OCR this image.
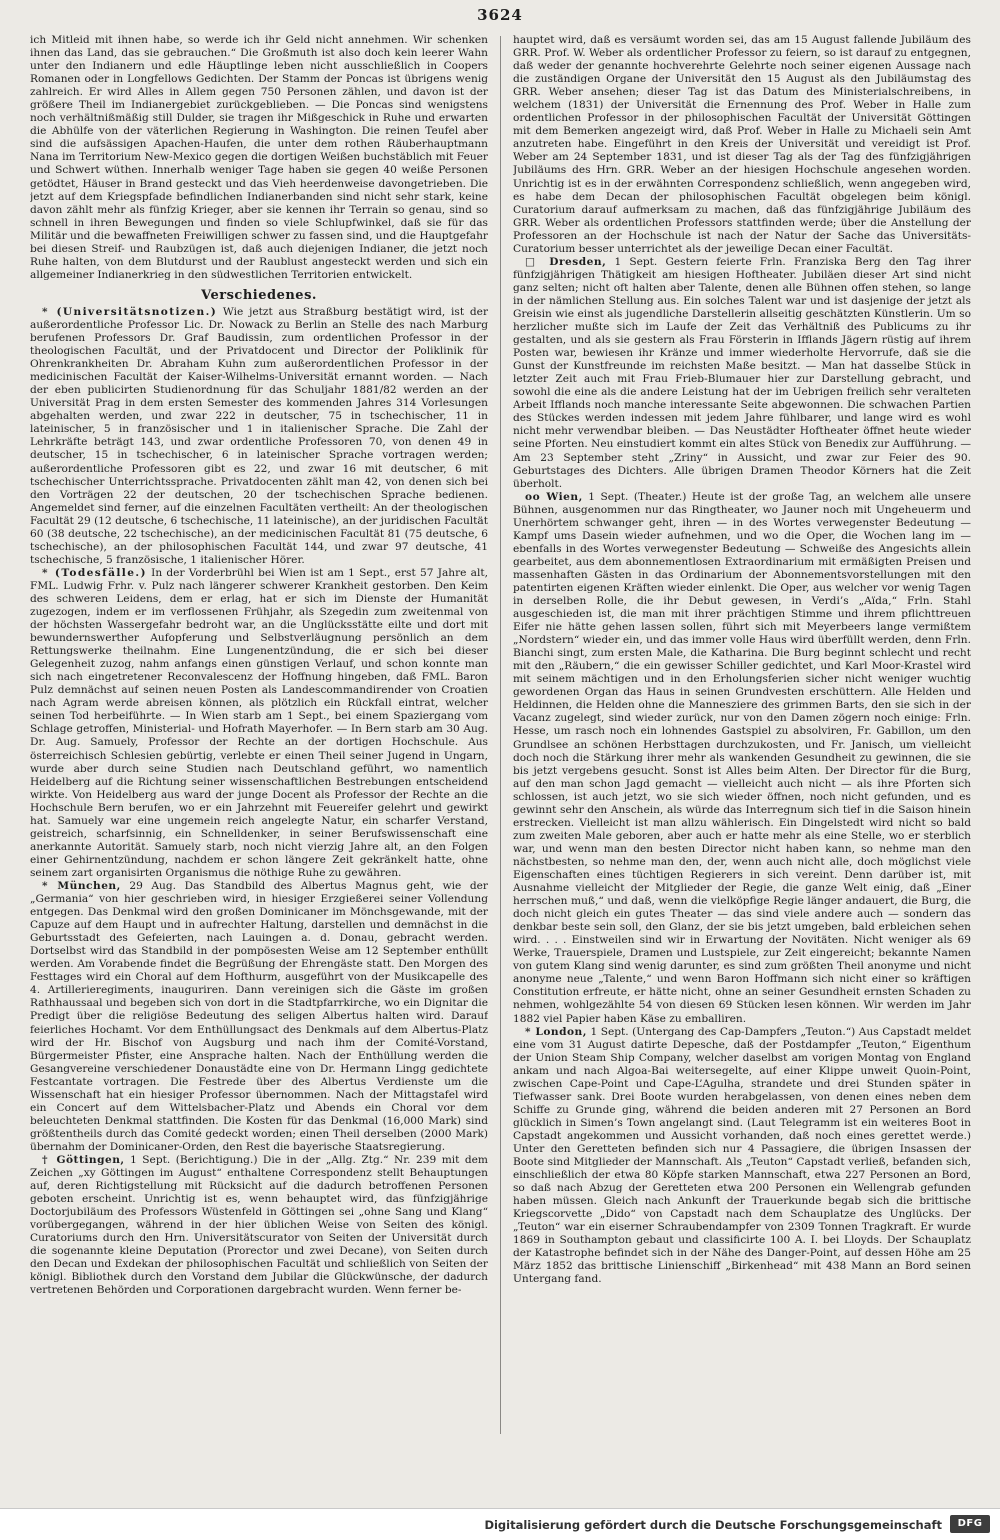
3624

ich Mitleid mit ihnen habe, so werde ich ihr Geld nicht annehmen. Wir schenken ihnen das Land, das sie gebrauchen.“ Die Großmuth ist also doch kein leerer Wahn unter den Indianern und edle Häuptlinge leben nicht ausschließlich in Coopers Romanen oder in Longfellows Gedichten. Der Stamm der Poncas ist übrigens wenig zahlreich. Er wird Alles in Allem gegen 750 Personen zählen, und davon ist der größere Theil im Indianergebiet zurückgeblieben. — Die Poncas sind wenigstens noch verhältnißmäßig still Dulder, sie tragen ihr Mißgeschick in Ruhe und erwarten die Abhülfe von der väterlichen Regierung in Washington. Die reinen Teufel aber sind die aufsässigen Apachen-Haufen, die unter dem rothen Räuberhauptmann Nana im Territorium New-Mexico gegen die dortigen Weißen buchstäblich mit Feuer und Schwert wüthen. Innerhalb weniger Tage haben sie gegen 40 weiße Personen getödtet, Häuser in Brand gesteckt und das Vieh heerdenweise davongetrieben. Die jetzt auf dem Kriegspfade befindlichen Indianerbanden sind nicht sehr stark, keine davon zählt mehr als fünfzig Krieger, aber sie kennen ihr Terrain so genau, sind so schnell in ihren Bewegungen und finden so viele Schlupfwinkel, daß sie für das Militär und die bewaffneten Freiwilligen schwer zu fassen sind, und die Hauptgefahr bei diesen Streif- und Raubzügen ist, daß auch diejenigen Indianer, die jetzt noch Ruhe halten, von dem Blutdurst und der Raublust angesteckt werden und sich ein allgemeiner Indianerkrieg in den südwestlichen Territorien entwickelt.

Verschiedenes.

* (Universitätsnotizen.) Wie jetzt aus Straßburg bestätigt wird, ist der außerordentliche Professor Lic. Dr. Nowack zu Berlin an Stelle des nach Marburg berufenen Professors Dr. Graf Baudissin, zum ordentlichen Professor in der theologischen Facultät, und der Privatdocent und Director der Poliklinik für Ohrenkrankheiten Dr. Abraham Kuhn zum außerordentlichen Professor in der medicinischen Facultät der Kaiser-Wilhelms-Universität ernannt worden. — Nach der eben publicirten Studienordnung für das Schuljahr 1881/82 werden an der Universität Prag in dem ersten Semester des kommenden Jahres 314 Vorlesungen abgehalten werden, und zwar 222 in deutscher, 75 in tschechischer, 11 in lateinischer, 5 in französischer und 1 in italienischer Sprache. Die Zahl der Lehrkräfte beträgt 143, und zwar ordentliche Professoren 70, von denen 49 in deutscher, 15 in tschechischer, 6 in lateinischer Sprache vortragen werden; außerordentliche Professoren gibt es 22, und zwar 16 mit deutscher, 6 mit tschechischer Unterrichtssprache. Privatdocenten zählt man 42, von denen sich bei den Vorträgen 22 der deutschen, 20 der tschechischen Sprache bedienen. Angemeldet sind ferner, auf die einzelnen Facultäten vertheilt: An der theologischen Facultät 29 (12 deutsche, 6 tschechische, 11 lateinische), an der juridischen Facultät 60 (38 deutsche, 22 tschechische), an der medicinischen Facultät 81 (75 deutsche, 6 tschechische), an der philosophischen Facultät 144, und zwar 97 deutsche, 41 tschechische, 5 französische, 1 italienischer Hörer.

* (Todesfälle.) In der Vorderbrühl bei Wien ist am 1 Sept., erst 57 Jahre alt, FML. Ludwig Frhr. v. Pulz nach längerer schwerer Krankheit gestorben. Den Keim des schweren Leidens, dem er erlag, hat er sich im Dienste der Humanität zugezogen, indem er im verflossenen Frühjahr, als Szegedin zum zweitenmal von der höchsten Wassergefahr bedroht war, an die Unglücksstätte eilte und dort mit bewundernswerther Aufopferung und Selbstverläugnung persönlich an dem Rettungswerke theilnahm. Eine Lungenentzündung, die er sich bei dieser Gelegenheit zuzog, nahm anfangs einen günstigen Verlauf, und schon konnte man sich nach eingetretener Reconvalescenz der Hoffnung hingeben, daß FML. Baron Pulz demnächst auf seinen neuen Posten als Landescommandirender von Croatien nach Agram werde abreisen können, als plötzlich ein Rückfall eintrat, welcher seinen Tod herbeiführte. — In Wien starb am 1 Sept., bei einem Spaziergang vom Schlage getroffen, Ministerial- und Hofrath Mayerhofer. — In Bern starb am 30 Aug. Dr. Aug. Samuely, Professor der Rechte an der dortigen Hochschule. Aus österreichisch Schlesien gebürtig, verlebte er einen Theil seiner Jugend in Ungarn, wurde aber durch seine Studien nach Deutschland geführt, wo namentlich Heidelberg auf die Richtung seiner wissenschaftlichen Bestrebungen entscheidend wirkte. Von Heidelberg aus ward der junge Docent als Professor der Rechte an die Hochschule Bern berufen, wo er ein Jahrzehnt mit Feuereifer gelehrt und gewirkt hat. Samuely war eine ungemein reich angelegte Natur, ein scharfer Verstand, geistreich, scharfsinnig, ein Schnelldenker, in seiner Berufswissenschaft eine anerkannte Autorität. Samuely starb, noch nicht vierzig Jahre alt, an den Folgen einer Gehirnentzündung, nachdem er schon längere Zeit gekränkelt hatte, ohne seinem zart organisirten Organismus die nöthige Ruhe zu gewähren.

* München, 29 Aug. Das Standbild des Albertus Magnus geht, wie der „Germania“ von hier geschrieben wird, in hiesiger Erzgießerei seiner Vollendung entgegen. Das Denkmal wird den großen Dominicaner im Mönchsgewande, mit der Capuze auf dem Haupt und in aufrechter Haltung, darstellen und demnächst in die Geburtsstadt des Gefeierten, nach Lauingen a. d. Donau, gebracht werden. Dortselbst wird das Standbild in der pompösesten Weise am 12 September enthüllt werden. Am Vorabende findet die Begrüßung der Ehrengäste statt. Den Morgen des Festtages wird ein Choral auf dem Hofthurm, ausgeführt von der Musikcapelle des 4. Artillerieregiments, inauguriren. Dann vereinigen sich die Gäste im großen Rathhaussaal und begeben sich von dort in die Stadtpfarrkirche, wo ein Dignitar die Predigt über die religiöse Bedeutung des seligen Albertus halten wird. Darauf feierliches Hochamt. Vor dem Enthüllungsact des Denkmals auf dem Albertus-Platz wird der Hr. Bischof von Augsburg und nach ihm der Comité-Vorstand, Bürgermeister Pfister, eine Ansprache halten. Nach der Enthüllung werden die Gesangvereine verschiedener Donaustädte eine von Dr. Hermann Lingg gedichtete Festcantate vortragen. Die Festrede über des Albertus Verdienste um die Wissenschaft hat ein hiesiger Professor übernommen. Nach der Mittagstafel wird ein Concert auf dem Wittelsbacher-Platz und Abends ein Choral vor dem beleuchteten Denkmal stattfinden. Die Kosten für das Denkmal (16,000 Mark) sind größtentheils durch das Comité gedeckt worden; einen Theil derselben (2000 Mark) übernahm der Dominicaner-Orden, den Rest die bayerische Staatsregierung.

† Göttingen, 1 Sept. (Berichtigung.) Die in der „Allg. Ztg.“ Nr. 239 mit dem Zeichen „xy Göttingen im August“ enthaltene Correspondenz stellt Behauptungen auf, deren Richtigstellung mit Rücksicht auf die dadurch betroffenen Personen geboten erscheint. Unrichtig ist es, wenn behauptet wird, das fünfzigjährige Doctorjubiläum des Professors Wüstenfeld in Göttingen sei „ohne Sang und Klang“ vorübergegangen, während in der hier üblichen Weise von Seiten des königl. Curatoriums durch den Hrn. Universitätscurator von Seiten der Universität durch die sogenannte kleine Deputation (Prorector und zwei Decane), von Seiten durch den Decan und Exdekan der philosophischen Facultät und schließlich von Seiten der königl. Bibliothek durch den Vorstand dem Jubilar die Glückwünsche, der dadurch vertretenen Behörden und Corporationen dargebracht wurden. Wenn ferner be-

hauptet wird, daß es versäumt worden sei, das am 15 August fallende Jubiläum des GRR. Prof. W. Weber als ordentlicher Professor zu feiern, so ist darauf zu entgegnen, daß weder der genannte hochverehrte Gelehrte noch seiner eigenen Aussage nach die zuständigen Organe der Universität den 15 August als den Jubiläumstag des GRR. Weber ansehen; dieser Tag ist das Datum des Ministerialschreibens, in welchem (1831) der Universität die Ernennung des Prof. Weber in Halle zum ordentlichen Professor in der philosophischen Facultät der Universität Göttingen mit dem Bemerken angezeigt wird, daß Prof. Weber in Halle zu Michaeli sein Amt anzutreten habe. Eingeführt in den Kreis der Universität und vereidigt ist Prof. Weber am 24 September 1831, und ist dieser Tag als der Tag des fünfzigjährigen Jubiläums des Hrn. GRR. Weber an der hiesigen Hochschule angesehen worden. Unrichtig ist es in der erwähnten Correspondenz schließlich, wenn angegeben wird, es habe dem Decan der philosophischen Facultät obgelegen beim königl. Curatorium darauf aufmerksam zu machen, daß das fünfzigjährige Jubiläum des GRR. Weber als ordentlichen Professors stattfinden werde; über die Anstellung der Professoren an der Hochschule ist nach der Natur der Sache das Universitäts-Curatorium besser unterrichtet als der jeweilige Decan einer Facultät.

□ Dresden, 1 Sept. Gestern feierte Frln. Franziska Berg den Tag ihrer fünfzigjährigen Thätigkeit am hiesigen Hoftheater. Jubiläen dieser Art sind nicht ganz selten; nicht oft halten aber Talente, denen alle Bühnen offen stehen, so lange in der nämlichen Stellung aus. Ein solches Talent war und ist dasjenige der jetzt als Greisin wie einst als jugendliche Darstellerin allseitig geschätzten Künstlerin. Um so herzlicher mußte sich im Laufe der Zeit das Verhältniß des Publicums zu ihr gestalten, und als sie gestern als Frau Försterin in Ifflands Jägern rüstig auf ihrem Posten war, bewiesen ihr Kränze und immer wiederholte Hervorrufe, daß sie die Gunst der Kunstfreunde im reichsten Maße besitzt. — Man hat dasselbe Stück in letzter Zeit auch mit Frau Frieb-Blumauer hier zur Darstellung gebracht, und sowohl die eine als die andere Leistung hat der im Uebrigen freilich sehr veralteten Arbeit Ifflands noch manche interessante Seite abgewonnen. Die schwachen Partien des Stückes werden indessen mit jedem Jahre fühlbarer, und lange wird es wohl nicht mehr verwendbar bleiben. — Das Neustädter Hoftheater öffnet heute wieder seine Pforten. Neu einstudiert kommt ein altes Stück von Benedix zur Aufführung. — Am 23 September steht „Zriny“ in Aussicht, und zwar zur Feier des 90. Geburtstages des Dichters. Alle übrigen Dramen Theodor Körners hat die Zeit überholt.

oo Wien, 1 Sept. (Theater.) Heute ist der große Tag, an welchem alle unsere Bühnen, ausgenommen nur das Ringtheater, wo Jauner noch mit Ungeheuerm und Unerhörtem schwanger geht, ihren — in des Wortes verwegenster Bedeutung — Kampf ums Dasein wieder aufnehmen, und wo die Oper, die Wochen lang im — ebenfalls in des Wortes verwegenster Bedeutung — Schweiße des Angesichts allein gearbeitet, aus dem abonnementlosen Extraordinarium mit ermäßigten Preisen und massenhaften Gästen in das Ordinarium der Abonnementsvorstellungen mit den patentirten eigenen Kräften wieder einlenkt. Die Oper, aus welcher vor wenig Tagen in derselben Rolle, die ihr Debut gewesen, in Verdi’s „Aïda,“ Frln. Stahl ausgeschieden ist, die man mit ihrer prächtigen Stimme und ihrem pflichttreuen Eifer nie hätte gehen lassen sollen, führt sich mit Meyerbeers lange vermißtem „Nordstern“ wieder ein, und das immer volle Haus wird überfüllt werden, denn Frln. Bianchi singt, zum ersten Male, die Katharina. Die Burg beginnt schlecht und recht mit den „Räubern,“ die ein gewisser Schiller gedichtet, und Karl Moor-Krastel wird mit seinem mächtigen und in den Erholungsferien sicher nicht weniger wuchtig gewordenen Organ das Haus in seinen Grundvesten erschüttern. Alle Helden und Heldinnen, die Helden ohne die Mannesziere des grimmen Barts, den sie sich in der Vacanz zugelegt, sind wieder zurück, nur von den Damen zögern noch einige: Frln. Hesse, um rasch noch ein lohnendes Gastspiel zu absolviren, Fr. Gabillon, um den Grundlsee an schönen Herbsttagen durchzukosten, und Fr. Janisch, um vielleicht doch noch die Stärkung ihrer mehr als wankenden Gesundheit zu gewinnen, die sie bis jetzt vergebens gesucht. Sonst ist Alles beim Alten. Der Director für die Burg, auf den man schon Jagd gemacht — vielleicht auch nicht — als ihre Pforten sich schlossen, ist auch jetzt, wo sie sich wieder öffnen, noch nicht gefunden, und es gewinnt sehr den Anschein, als würde das Interregnum sich tief in die Saison hinein erstrecken. Vielleicht ist man allzu wählerisch. Ein Dingelstedt wird nicht so bald zum zweiten Male geboren, aber auch er hatte mehr als eine Stelle, wo er sterblich war, und wenn man den besten Director nicht haben kann, so nehme man den nächstbesten, so nehme man den, der, wenn auch nicht alle, doch möglichst viele Eigenschaften eines tüchtigen Regierers in sich vereint. Denn darüber ist, mit Ausnahme vielleicht der Mitglieder der Regie, die ganze Welt einig, daß „Einer herrschen muß,“ und daß, wenn die vielköpfige Regie länger andauert, die Burg, die doch nicht gleich ein gutes Theater — das sind viele andere auch — sondern das denkbar beste sein soll, den Glanz, der sie bis jetzt umgeben, bald erbleichen sehen wird. . . . Einstweilen sind wir in Erwartung der Novitäten. Nicht weniger als 69 Werke, Trauerspiele, Dramen und Lustspiele, zur Zeit eingereicht; bekannte Namen von gutem Klang sind wenig darunter, es sind zum größten Theil anonyme und nicht anonyme neue „Talente,“ und wenn Baron Hoffmann sich nicht einer so kräftigen Constitution erfreute, er hätte nicht, ohne an seiner Gesundheit ernsten Schaden zu nehmen, wohlgezählte 54 von diesen 69 Stücken lesen können. Wir werden im Jahr 1882 viel Papier haben Käse zu emballiren.

* London, 1 Sept. (Untergang des Cap-Dampfers „Teuton.“) Aus Capstadt meldet eine vom 31 August datirte Depesche, daß der Postdampfer „Teuton,“ Eigenthum der Union Steam Ship Company, welcher daselbst am vorigen Montag von England ankam und nach Algoa-Bai weitersegelte, auf einer Klippe unweit Quoin-Point, zwischen Cape-Point und Cape-L’Agulha, strandete und drei Stunden später in Tiefwasser sank. Drei Boote wurden herabgelassen, von denen eines neben dem Schiffe zu Grunde ging, während die beiden anderen mit 27 Personen an Bord glücklich in Simen’s Town angelangt sind. (Laut Telegramm ist ein weiteres Boot in Capstadt angekommen und Aussicht vorhanden, daß noch eines gerettet werde.) Unter den Geretteten befinden sich nur 4 Passagiere, die übrigen Insassen der Boote sind Mitglieder der Mannschaft. Als „Teuton“ Capstadt verließ, befanden sich, einschließlich der etwa 80 Köpfe starken Mannschaft, etwa 227 Personen an Bord, so daß nach Abzug der Geretteten etwa 200 Personen ein Wellengrab gefunden haben müssen. Gleich nach Ankunft der Trauerkunde begab sich die brittische Kriegscorvette „Dido“ von Capstadt nach dem Schauplatze des Unglücks. Der „Teuton“ war ein eiserner Schraubendampfer von 2309 Tonnen Tragkraft. Er wurde 1869 in Southampton gebaut und classificirte 100 A. I. bei Lloyds. Der Schauplatz der Katastrophe befindet sich in der Nähe des Danger-Point, auf dessen Höhe am 25 März 1852 das brittische Linienschiff „Birkenhead“ mit 438 Mann an Bord seinen Untergang fand.

Digitalisierung gefördert durch die Deutsche Forschungsgemeinschaft	DFG
